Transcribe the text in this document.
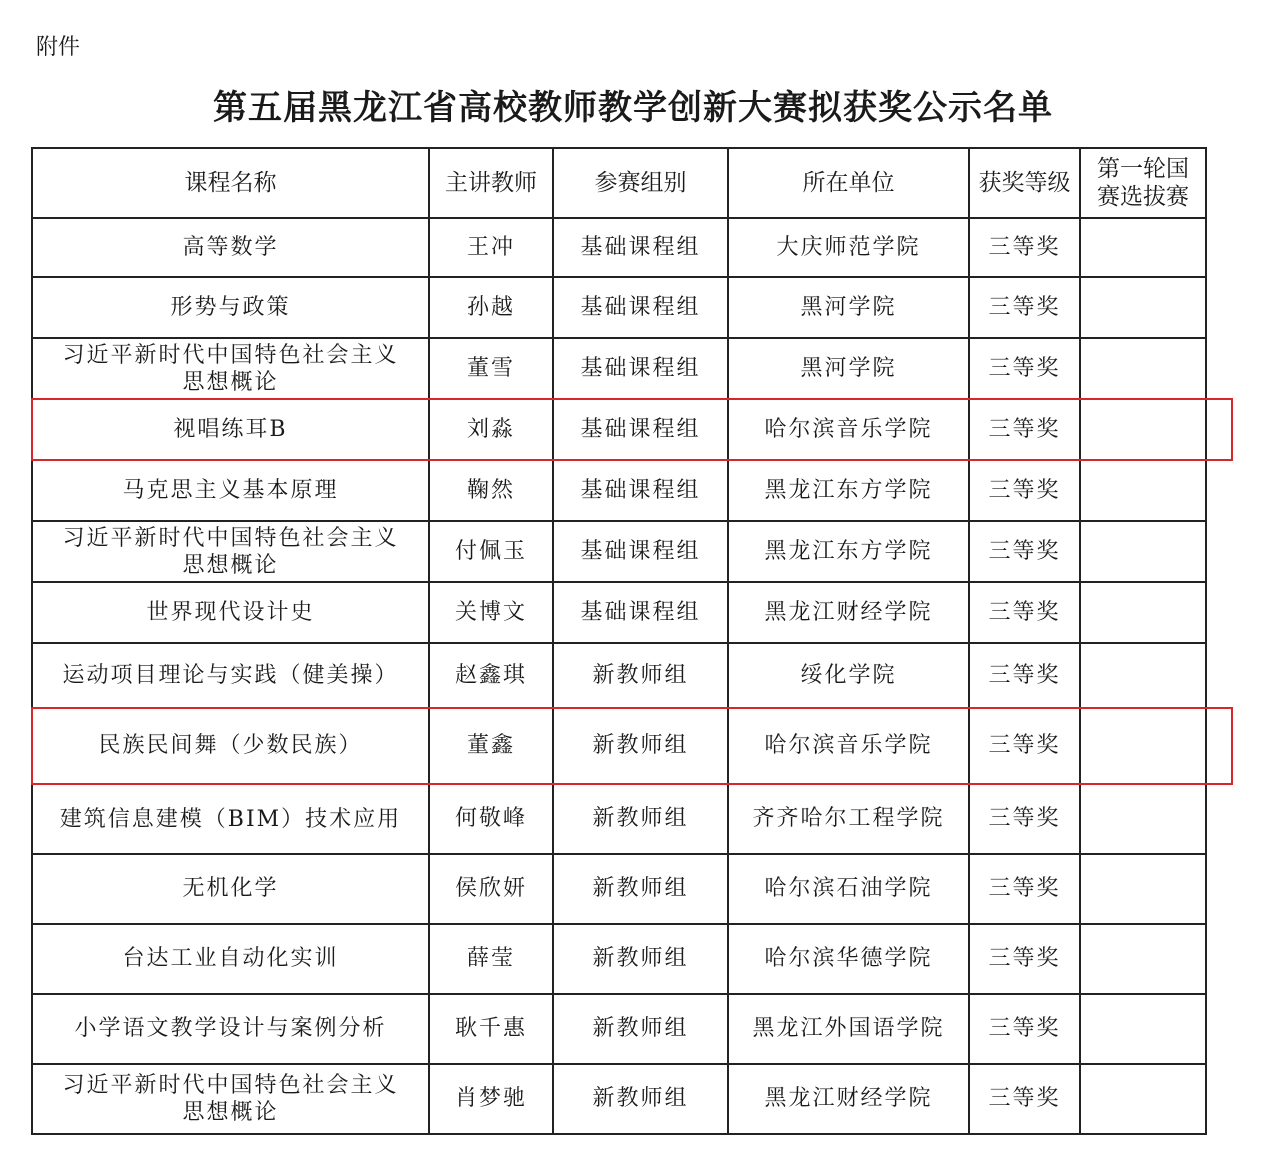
附件
第五届黑龙江省高校教师教学创新大赛拟获奖公示名单
课程名称	主讲教师	参赛组别	所在单位	获奖等级	第一轮国赛选拔赛
高等数学	王冲	基础课程组	大庆师范学院	三等奖	
形势与政策	孙越	基础课程组	黑河学院	三等奖	
习近平新时代中国特色社会主义思想概论	董雪	基础课程组	黑河学院	三等奖	
视唱练耳B	刘淼	基础课程组	哈尔滨音乐学院	三等奖	
马克思主义基本原理	鞠然	基础课程组	黑龙江东方学院	三等奖	
习近平新时代中国特色社会主义思想概论	付佩玉	基础课程组	黑龙江东方学院	三等奖	
世界现代设计史	关博文	基础课程组	黑龙江财经学院	三等奖	
运动项目理论与实践（健美操）	赵鑫琪	新教师组	绥化学院	三等奖	
民族民间舞（少数民族）	董鑫	新教师组	哈尔滨音乐学院	三等奖	
建筑信息建模（BIM）技术应用	何敬峰	新教师组	齐齐哈尔工程学院	三等奖	
无机化学	侯欣妍	新教师组	哈尔滨石油学院	三等奖	
台达工业自动化实训	薛莹	新教师组	哈尔滨华德学院	三等奖	
小学语文教学设计与案例分析	耿千惠	新教师组	黑龙江外国语学院	三等奖	
习近平新时代中国特色社会主义思想概论	肖梦驰	新教师组	黑龙江财经学院	三等奖	
